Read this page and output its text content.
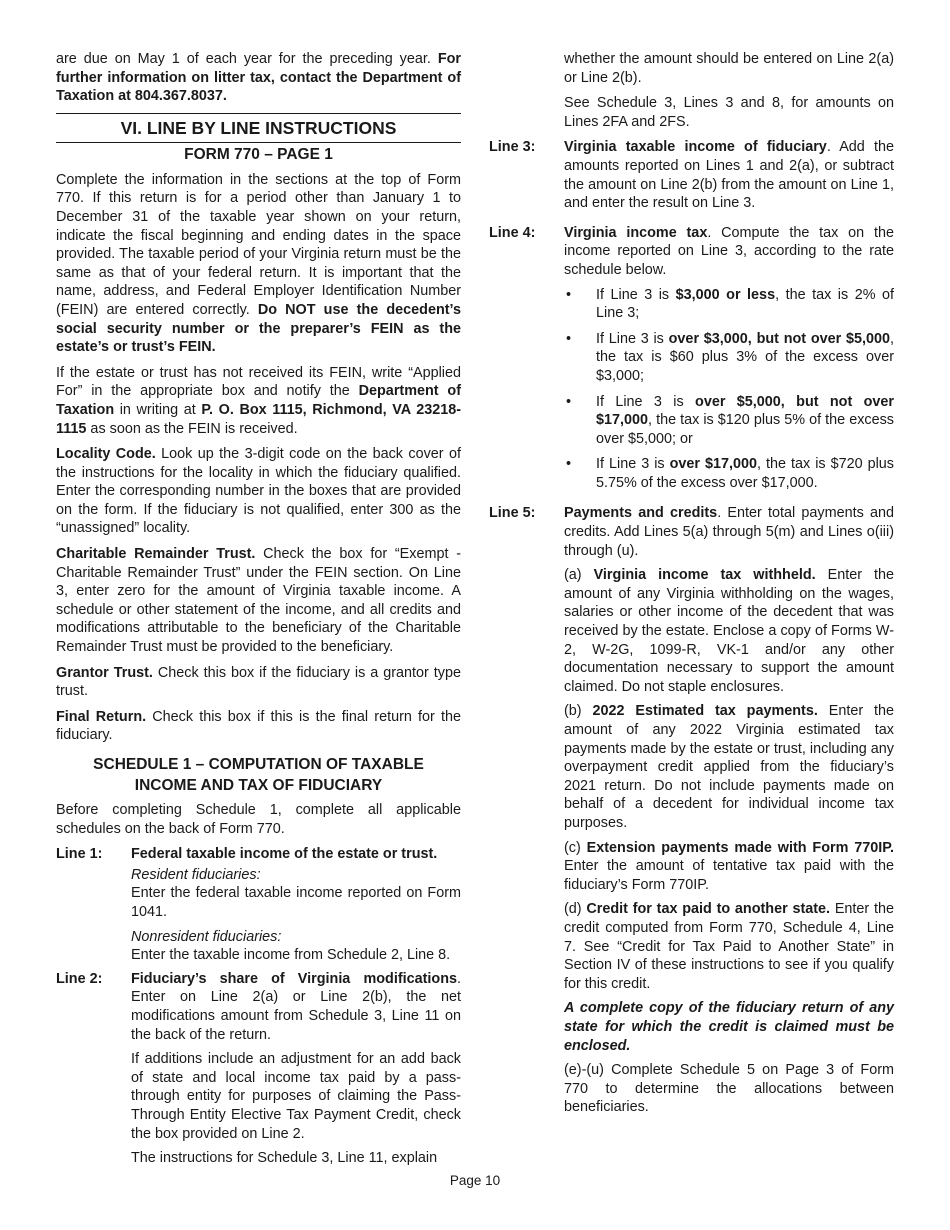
are due on May 1 of each year for the preceding year. For further information on litter tax, contact the Department of Taxation at 804.367.8037.

VI. LINE BY LINE INSTRUCTIONS
FORM 770 – PAGE 1

Complete the information in the sections at the top of Form 770. If this return is for a period other than January 1 to December 31 of the taxable year shown on your return, indicate the fiscal beginning and ending dates in the space provided. The taxable period of your Virginia return must be the same as that of your federal return. It is important that the name, address, and Federal Employer Identification Number (FEIN) are entered correctly. Do NOT use the decedent’s social security number or the preparer’s FEIN as the estate’s or trust’s FEIN.

If the estate or trust has not received its FEIN, write “Applied For” in the appropriate box and notify the Department of Taxation in writing at P. O. Box 1115, Richmond, VA 23218-1115 as soon as the FEIN is received.

Locality Code. Look up the 3-digit code on the back cover of the instructions for the locality in which the fiduciary qualified. Enter the corresponding number in the boxes that are provided on the form. If the fiduciary is not qualified, enter 300 as the “unassigned” locality.

Charitable Remainder Trust. Check the box for “Exempt - Charitable Remainder Trust” under the FEIN section. On Line 3, enter zero for the amount of Virginia taxable income. A schedule or other statement of the income, and all credits and modifications attributable to the beneficiary of the Charitable Remainder Trust must be provided to the beneficiary.

Grantor Trust. Check this box if the fiduciary is a grantor type trust.

Final Return. Check this box if this is the final return for the fiduciary.

SCHEDULE 1 – COMPUTATION OF TAXABLE
INCOME AND TAX OF FIDUCIARY

Before completing Schedule 1, complete all applicable schedules on the back of Form 770.

Line 1:	Federal taxable income of the estate or trust.

Resident fiduciaries:

Enter the federal taxable income reported on Form 1041.

Nonresident fiduciaries:

Enter the taxable income from Schedule 2, Line 8.

Line 2:	Fiduciary’s share of Virginia modifications. Enter on Line 2(a) or Line 2(b), the net modifications amount from Schedule 3, Line 11 on the back of the return.

If additions include an adjustment for an add back of state and local income tax paid by a pass-through entity for purposes of claiming the Pass-Through Entity Elective Tax Payment Credit, check the box provided on Line 2.

The instructions for Schedule 3, Line 11, explain

whether the amount should be entered on Line 2(a) or Line 2(b).

See Schedule 3, Lines 3 and 8, for amounts on Lines 2FA and 2FS.

Line 3:	Virginia taxable income of fiduciary. Add the amounts reported on Lines 1 and 2(a), or subtract the amount on Line 2(b) from the amount on Line 1, and enter the result on Line 3.

Line 4:	Virginia income tax. Compute the tax on the income reported on Line 3, according to the rate schedule below.

•	If Line 3 is $3,000 or less, the tax is 2% of Line 3;
•	If Line 3 is over $3,000, but not over $5,000, the tax is $60 plus 3% of the excess over $3,000;
•	If Line 3 is over $5,000, but not over $17,000, the tax is $120 plus 5% of the excess over $5,000; or
•	If Line 3 is over $17,000, the tax is $720 plus 5.75% of the excess over $17,000.
Line 5:	Payments and credits. Enter total payments and credits. Add Lines 5(a) through 5(m) and Lines o(iii) through (u).

(a) Virginia income tax withheld. Enter the amount of any Virginia withholding on the wages, salaries or other income of the decedent that was received by the estate. Enclose a copy of Forms W-2, W-2G, 1099-R, VK-1 and/or any other documentation necessary to support the amount claimed. Do not staple enclosures.

(b) 2022 Estimated tax payments. Enter the amount of any 2022 Virginia estimated tax payments made by the estate or trust, including any overpayment credit applied from the fiduciary’s 2021 return. Do not include payments made on behalf of a decedent for individual income tax purposes.

(c) Extension payments made with Form 770IP. Enter the amount of tentative tax paid with the fiduciary’s Form 770IP.

(d) Credit for tax paid to another state. Enter the credit computed from Form 770, Schedule 4, Line 7. See “Credit for Tax Paid to Another State” in Section IV of these instructions to see if you qualify for this credit.

A complete copy of the fiduciary return of any state for which the credit is claimed must be enclosed.

(e)-(u) Complete Schedule 5 on Page 3 of Form 770 to determine the allocations between beneficiaries.

Page 10
